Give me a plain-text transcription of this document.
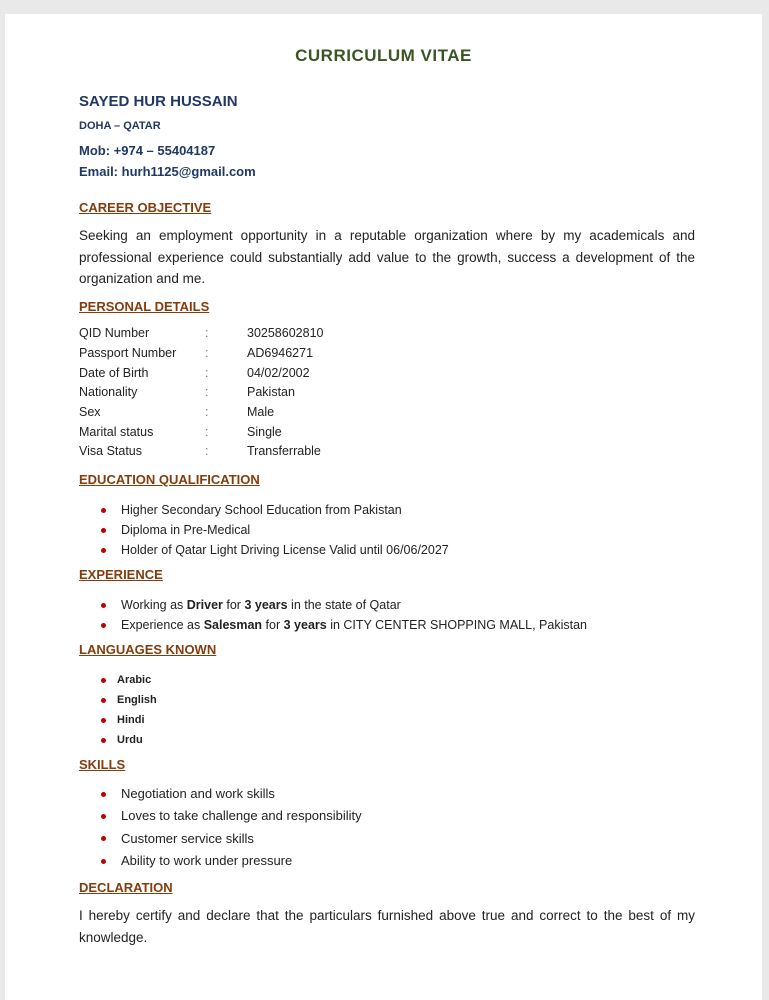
CURRICULUM VITAE
SAYED HUR HUSSAIN
DOHA – QATAR
Mob: +974 – 55404187
Email: hurh1125@gmail.com
CAREER OBJECTIVE
Seeking an employment opportunity in a reputable organization where by my academicals and professional experience could substantially add value to the growth, success a development of the organization and me.
PERSONAL DETAILS
QID Number	:	30258602810
Passport Number :	AD6946271
Date of Birth	:	04/02/2002
Nationality	:	Pakistan
Sex	:	Male
Marital status	:	Single
Visa Status	:	Transferrable
EDUCATION QUALIFICATION
Higher Secondary School Education from Pakistan
Diploma in Pre-Medical
Holder of Qatar Light Driving License Valid until 06/06/2027
EXPERIENCE
Working as Driver for 3 years in the state of Qatar
Experience as Salesman for 3 years in CITY CENTER SHOPPING MALL, Pakistan
LANGUAGES KNOWN
Arabic
English
Hindi
Urdu
SKILLS
Negotiation and work skills
Loves to take challenge and responsibility
Customer service skills
Ability to work under pressure
DECLARATION
I hereby certify and declare that the particulars furnished above true and correct to the best of my knowledge.
